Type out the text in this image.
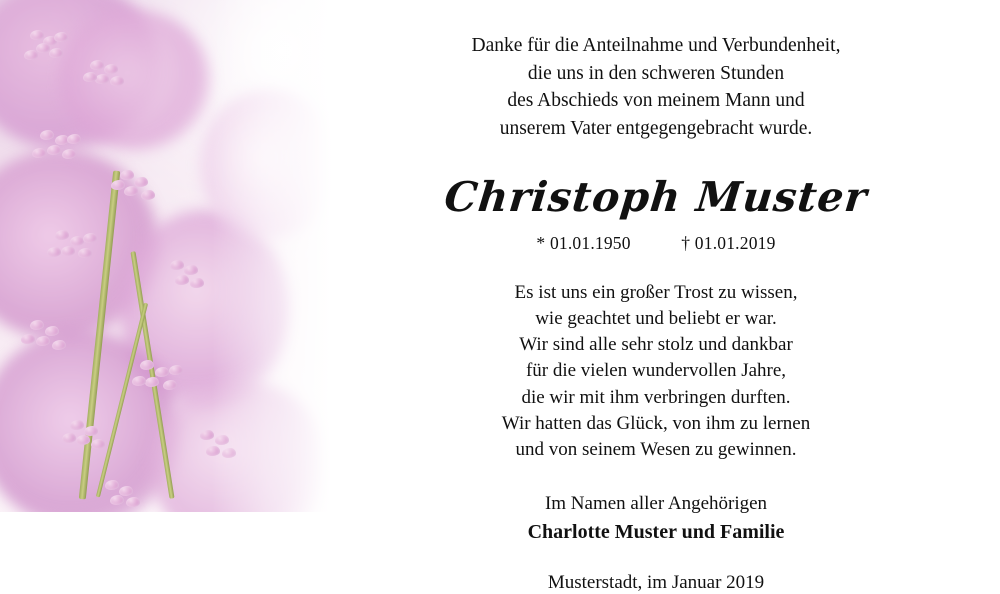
Danke für die Anteilnahme und Verbundenheit,
die uns in den schweren Stunden
des Abschieds von meinem Mann und
unserem Vater entgegengebracht wurde.
Christoph Muster
* 01.01.1950	† 01.01.2019
Es ist uns ein großer Trost zu wissen,
wie geachtet und beliebt er war.
Wir sind alle sehr stolz und dankbar
für die vielen wundervollen Jahre,
die wir mit ihm verbringen durften.
Wir hatten das Glück, von ihm zu lernen
und von seinem Wesen zu gewinnen.
Im Namen aller Angehörigen
Charlotte Muster und Familie
Musterstadt, im Januar 2019
